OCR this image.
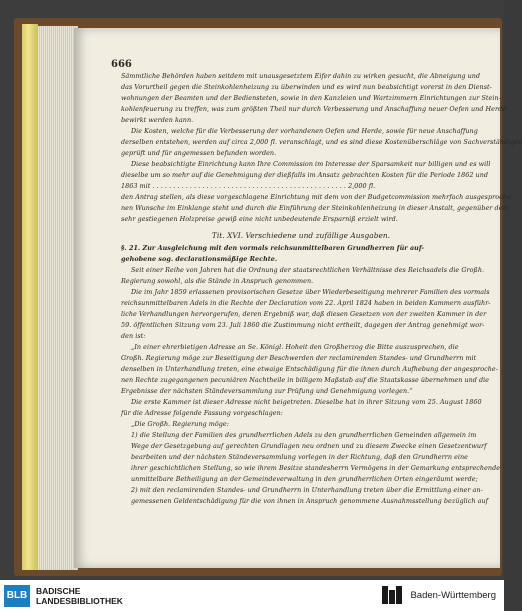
666
Sämmtliche Behörden haben seitdem mit unausgesetztem Eifer dahin zu wirken gesucht, die Abneigung und
das Vorurtheil gegen die Steinkohlenheizung zu überwinden und es wird nun beabsichtigt vorerst in den Dienst-
wohnungen der Beamten und der Bediensteten, sowie in den Kanzleien und Wartzimmern Einrichtungen zur Stein-
kohlenfeuerung zu treffen, was zum größten Theil nur durch Verbesserung und Anschaffung neuer Oefen und Herde
bewirkt werden kann.
Die Kosten, welche für die Verbesserung der vorhandenen Oefen und Herde, sowie für neue Anschaffung
derselben entstehen, werden auf circa 2,000 fl. veranschlagt, und es sind diese Kostenüberschläge von Sachverständigen
geprüft und für angemessen befunden worden.
Diese beabsichtigte Einrichtung kann Ihre Commission im Interesse der Sparsamkeit nur billigen und es will
dieselbe um so mehr auf die Genehmigung der dießfalls im Ansatz gebrachten Kosten für die Periode 1862 und
1863 mit . . . . . . . . . . . . . . . . . . . . . . . . . . . . . . . . . . . . . . . . . . . . . . . 2,000 fl.
den Antrag stellen, als diese vorgeschlagene Einrichtung mit dem von der Budgetcommission mehrfach ausgesproche-
nen Wunsche im Einklange steht und durch die Einführung der Steinkohlenheizung in dieser Anstalt, gegenüber dem
sehr gestiegenen Holzpreise gewiß eine nicht unbedeutende Ersparniß erzielt wird.
Tit. XVI. Verschiedene und zufällige Ausgaben.
§. 21. Zur Ausgleichung mit den vormals reichsunmittelbaren Grundherren für auf-
gehobene sog. declarationsmäßige Rechte.
Seit einer Reihe von Jahren hat die Ordnung der staatsrechtlichen Verhältnisse des Reichsadels die Großh.
Regierung sowohl, als die Stände in Anspruch genommen.
Die im Jahr 1859 erlassenen provisorischen Gesetze über Wiederbeseitigung mehrerer Familien des vormals
reichsunmittelbaren Adels in die Rechte der Declaration vom 22. April 1824 haben in beiden Kammern ausführ-
liche Verhandlungen hervorgerufen, deren Ergebniß war, daß diesen Gesetzen von der zweiten Kammer in der
59. öffentlichen Sitzung vom 23. Juli 1860 die Zustimmung nicht ertheilt, dagegen der Antrag genehmigt wor-
den ist:
„In einer ehrerbietigen Adresse an Se. Königl. Hoheit den Großherzog die Bitte auszusprechen, die
Großh. Regierung möge zur Beseitigung der Beschwerden der reclamirenden Standes- und Grundherrn mit
denselben in Unterhandlung treten, eine etwaige Entschädigung für die ihnen durch Aufhebung der angesproche-
nen Rechte zugegangenen pecuniären Nachtheile in billigem Maßstab auf die Staatskasse übernehmen und die
Ergebnisse der nächsten Ständeversammlung zur Prüfung und Genehmigung vorlegen.“
Die erste Kammer ist dieser Adresse nicht beigetreten. Dieselbe hat in ihrer Sitzung vom 25. August 1860
für die Adresse folgende Fassung vorgeschlagen:
„Die Großh. Regierung möge:
1) die Stellung der Familien des grundherrlichen Adels zu den grundherrlichen Gemeinden allgemein im
Wege der Gesetzgebung auf gerechten Grundlagen neu ordnen und zu diesem Zwecke einen Gesetzentwurf
bearbeiten und der nächsten Ständeversammlung vorlegen in der Richtung, daß den Grundherrn eine
ihrer geschichtlichen Stellung, so wie ihrem Besitze standesherrn Vermögens in der Gemarkung entsprechende
unmittelbare Betheiligung an der Gemeindeverwaltung in den grundherrlichen Orten eingeräumt werde;
2) mit den reclamirenden Standes- und Grundherrn in Unterhandlung treten über die Ermittlung einer an-
gemessenen Geldentschädigung für die von ihnen in Anspruch genommene Ausnahmsstellung bezüglich auf
BLB	BADISCHE
LANDESBIBLIOTHEK	Baden-Württemberg
